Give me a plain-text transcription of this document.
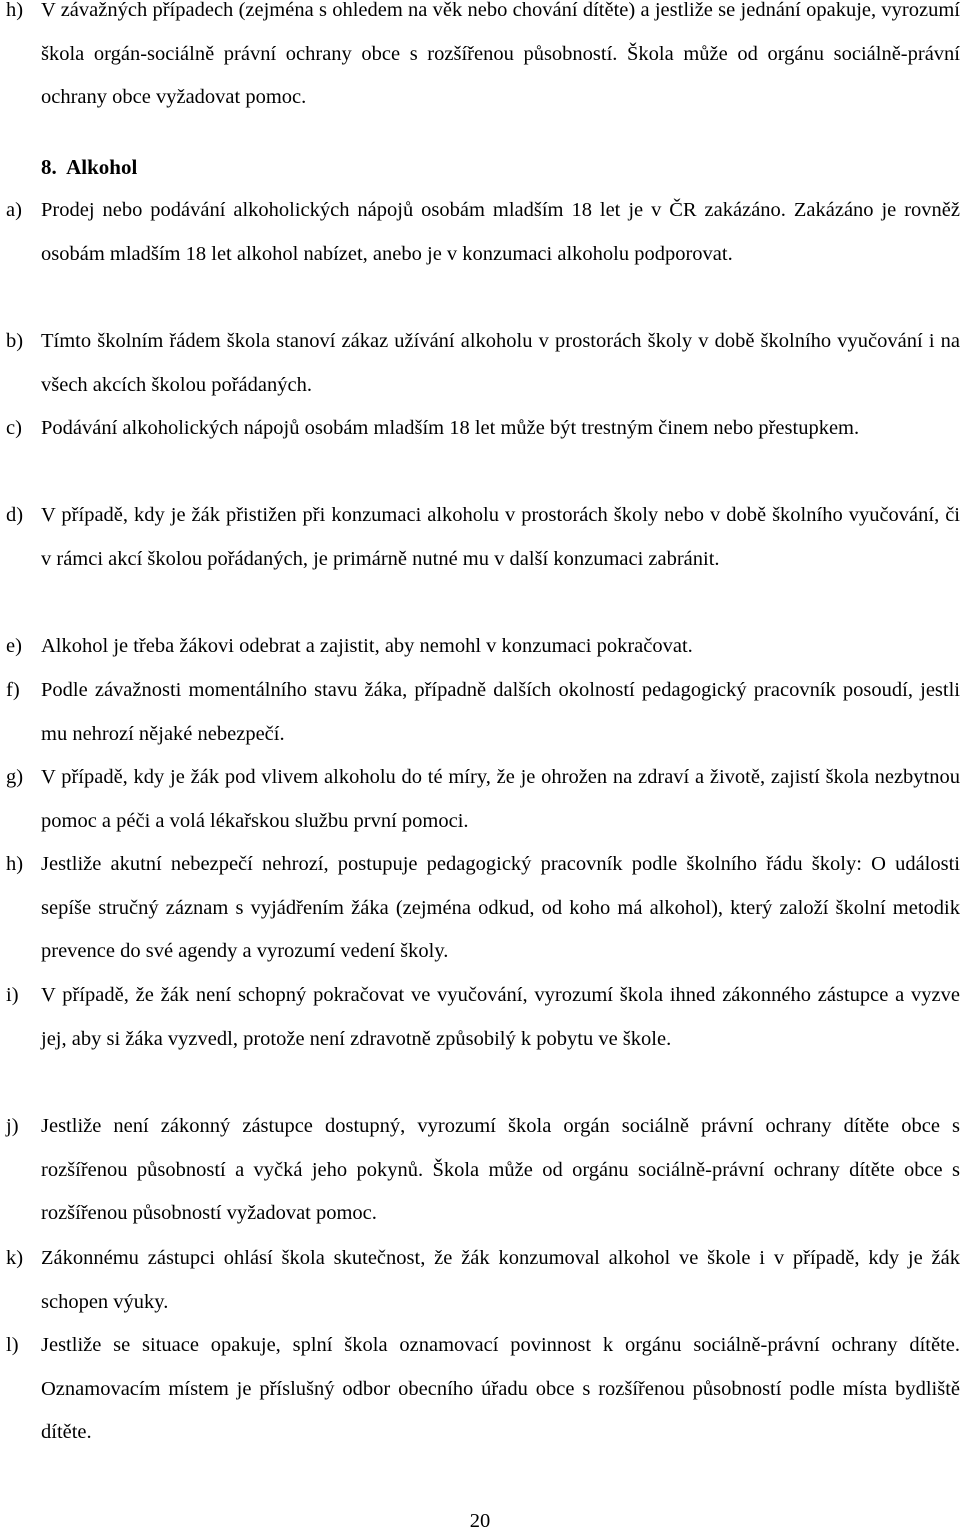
h) V závažných případech (zejména s ohledem na věk nebo chování dítěte) a jestliže se jednání opakuje, vyrozumí škola orgán-sociálně právní ochrany obce s rozšířenou působností. Škola může od orgánu sociálně-právní ochrany obce vyžadovat pomoc.
8. Alkohol
a) Prodej nebo podávání alkoholických nápojů osobám mladším 18 let je v ČR zakázáno. Zakázáno je rovněž osobám mladším 18 let alkohol nabízet, anebo je v konzumaci alkoholu podporovat.
b) Tímto školním řádem škola stanoví zákaz užívání alkoholu v prostorách školy v době školního vyučování i na všech akcích školou pořádaných.
c) Podávání alkoholických nápojů osobám mladším 18 let může být trestným činem nebo přestupkem.
d) V případě, kdy je žák přistižen při konzumaci alkoholu v prostorách školy nebo v době školního vyučování, či v rámci akcí školou pořádaných, je primárně nutné mu v další konzumaci zabránit.
e) Alkohol je třeba žákovi odebrat a zajistit, aby nemohl v konzumaci pokračovat.
f)	Podle závažnosti momentálního stavu žáka, případně dalších okolností pedagogický pracovník posoudí, jestli mu nehrozí nějaké nebezpečí.
g) V případě, kdy je žák pod vlivem alkoholu do té míry, že je ohrožen na zdraví a životě, zajistí škola nezbytnou pomoc a péči a volá lékařskou službu první pomoci.
h) Jestliže akutní nebezpečí nehrozí, postupuje pedagogický pracovník podle školního řádu školy: O události sepíše stručný záznam s vyjádřením žáka (zejména odkud, od koho má alkohol), který založí školní metodik prevence do své agendy a vyrozumí vedení školy.
i)	V případě, že žák není schopný pokračovat ve vyučování, vyrozumí škola ihned zákonného zástupce a vyzve jej, aby si žáka vyzvedl, protože není zdravotně způsobilý k pobytu ve škole.
j)	Jestliže není zákonný zástupce dostupný, vyrozumí škola orgán sociálně právní ochrany dítěte obce s rozšířenou působností a vyčká jeho pokynů. Škola může od orgánu sociálně-právní ochrany dítěte obce s rozšířenou působností vyžadovat pomoc.
k) Zákonnému zástupci ohlásí škola skutečnost, že žák konzumoval alkohol ve škole i v případě, kdy je žák schopen výuky.
l)	Jestliže se situace opakuje, splní škola oznamovací povinnost k orgánu sociálně-právní ochrany dítěte. Oznamovacím místem je příslušný odbor obecního úřadu obce s rozšířenou působností podle místa bydliště dítěte.
20
